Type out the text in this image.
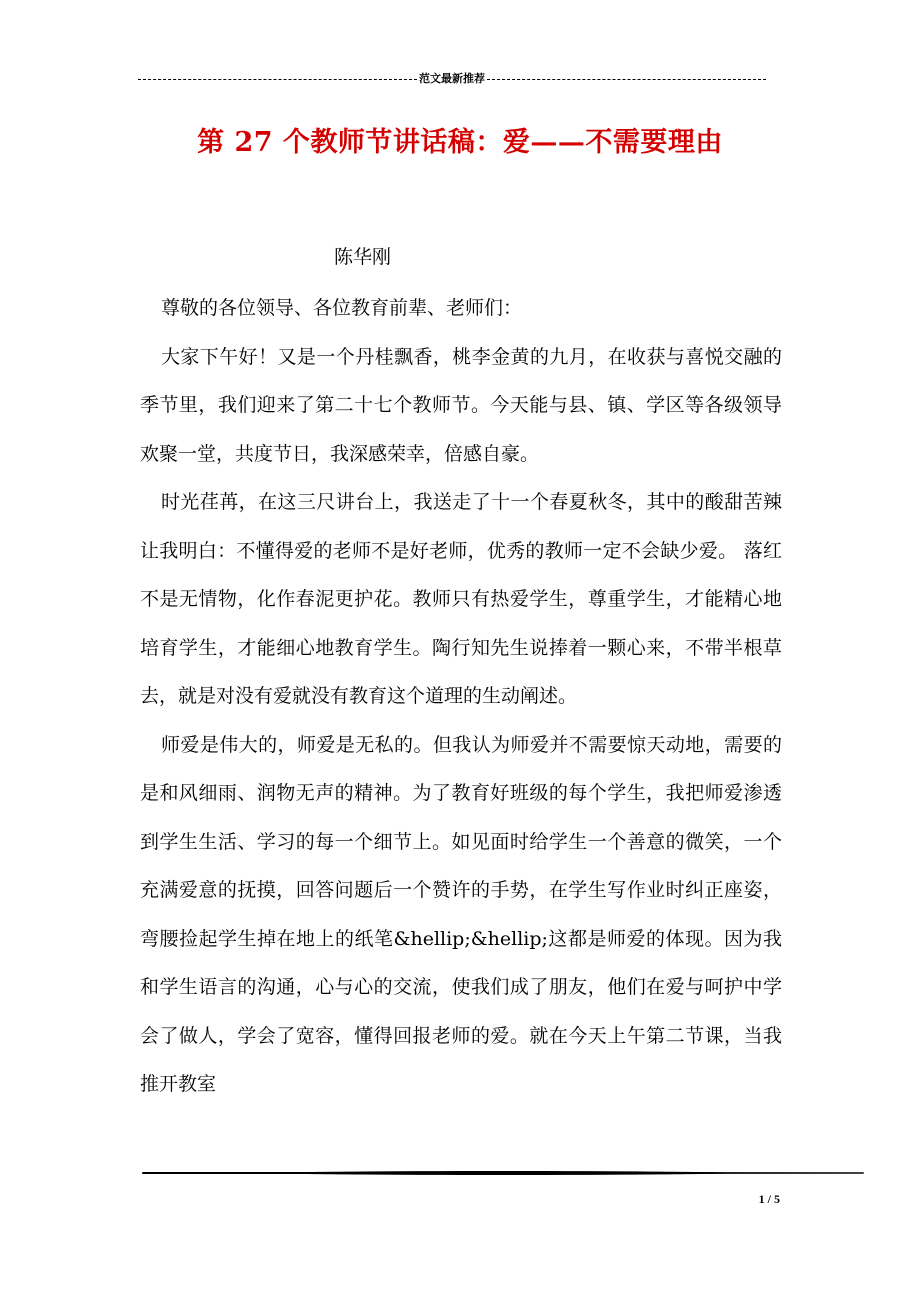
范文最新推荐
第 27 个教师节讲话稿：爱——不需要理由
陈华刚

尊敬的各位领导、各位教育前辈、老师们：

大家下午好！又是一个丹桂飘香，桃李金黄的九月，在收获与喜悦交融的季节里，我们迎来了第二十七个教师节。今天能与县、镇、学区等各级领导欢聚一堂，共度节日，我深感荣幸，倍感自豪。

时光荏苒，在这三尺讲台上，我送走了十一个春夏秋冬，其中的酸甜苦辣让我明白：不懂得爱的老师不是好老师，优秀的教师一定不会缺少爱。 落红不是无情物，化作春泥更护花。教师只有热爱学生，尊重学生，才能精心地培育学生，才能细心地教育学生。陶行知先生说捧着一颗心来，不带半根草去，就是对没有爱就没有教育这个道理的生动阐述。

师爱是伟大的，师爱是无私的。但我认为师爱并不需要惊天动地，需要的是和风细雨、润物无声的精神。为了教育好班级的每个学生，我把师爱渗透到学生生活、学习的每一个细节上。如见面时给学生一个善意的微笑，一个充满爱意的抚摸，回答问题后一个赞许的手势，在学生写作业时纠正座姿，弯腰捡起学生掉在地上的纸笔&hellip;&hellip;这都是师爱的体现。因为我和学生语言的沟通，心与心的交流，使我们成了朋友，他们在爱与呵护中学会了做人，学会了宽容，懂得回报老师的爱。就在今天上午第二节课，当我推开教室

1 / 5
